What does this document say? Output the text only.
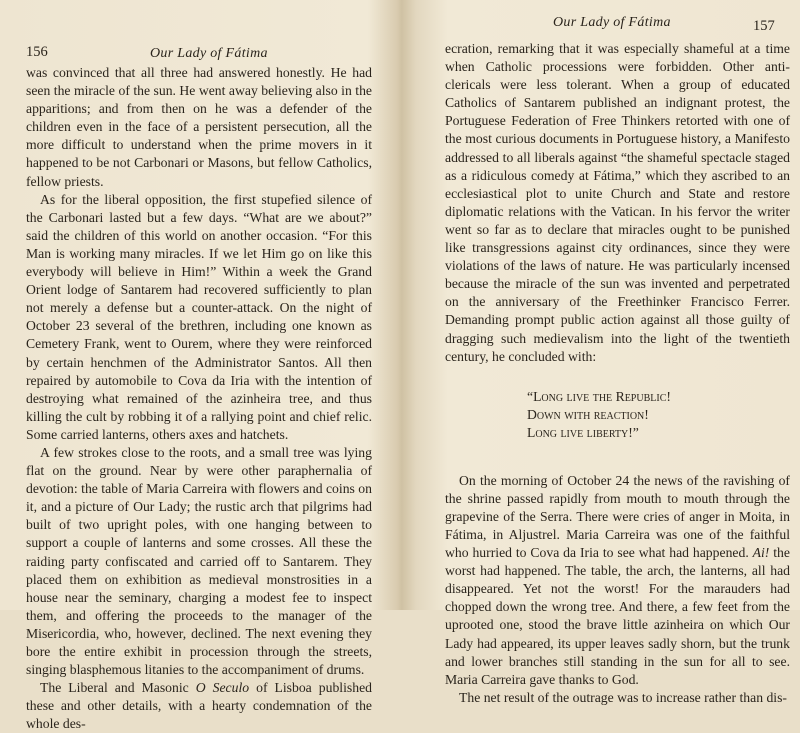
156	Our Lady of Fátima

was convinced that all three had answered honestly. He had seen the miracle of the sun. He went away believing also in the apparitions; and from then on he was a defender of the children even in the face of a persistent persecution, all the more difficult to understand when the prime movers in it happened to be not Carbonari or Masons, but fellow Catholics, fellow priests.

As for the liberal opposition, the first stupefied silence of the Carbonari lasted but a few days. “What are we about?” said the children of this world on another occasion. “For this Man is working many miracles. If we let Him go on like this everybody will believe in Him!” Within a week the Grand Orient lodge of Santarem had recovered sufficiently to plan not merely a defense but a counter-attack. On the night of October 23 several of the brethren, including one known as Cemetery Frank, went to Ourem, where they were reinforced by certain henchmen of the Administrator Santos. All then repaired by automobile to Cova da Iria with the intention of destroying what remained of the azinheira tree, and thus killing the cult by robbing it of a rallying point and chief relic. Some carried lanterns, others axes and hatchets.

A few strokes close to the roots, and a small tree was lying flat on the ground. Near by were other paraphernalia of devotion: the table of Maria Carreira with flowers and coins on it, and a picture of Our Lady; the rustic arch that pilgrims had built of two upright poles, with one hanging between to support a couple of lanterns and some crosses. All these the raiding party confiscated and carried off to Santarem. They placed them on exhibition as medieval monstrosities in a house near the seminary, charging a modest fee to inspect them, and offering the proceeds to the manager of the Misericordia, who, however, declined. The next evening they bore the entire exhibit in procession through the streets, singing blasphemous litanies to the accompaniment of drums.

The Liberal and Masonic O Seculo of Lisboa published these and other details, with a hearty condemnation of the whole des-

Our Lady of Fátima	157

ecration, remarking that it was especially shameful at a time when Catholic processions were forbidden. Other anti-clericals were less tolerant. When a group of educated Catholics of Santarem published an indignant protest, the Portuguese Federation of Free Thinkers retorted with one of the most curious documents in Portuguese history, a Manifesto addressed to all liberals against “the shameful spectacle staged as a ridiculous comedy at Fátima,” which they ascribed to an ecclesiastical plot to unite Church and State and restore diplomatic relations with the Vatican. In his fervor the writer went so far as to declare that miracles ought to be punished like transgressions against city ordinances, since they were violations of the laws of nature. He was particularly incensed because the miracle of the sun was invented and perpetrated on the anniversary of the Freethinker Francisco Ferrer. Demanding prompt public action against all those guilty of dragging such medievalism into the light of the twentieth century, he concluded with:

“Long live the Republic!
Down with reaction!
Long live liberty!”

On the morning of October 24 the news of the ravishing of the shrine passed rapidly from mouth to mouth through the grapevine of the Serra. There were cries of anger in Moita, in Fátima, in Aljustrel. Maria Carreira was one of the faithful who hurried to Cova da Iria to see what had happened. Ai! the worst had happened. The table, the arch, the lanterns, all had disappeared. Yet not the worst! For the marauders had chopped down the wrong tree. And there, a few feet from the uprooted one, stood the brave little azinheira on which Our Lady had appeared, its upper leaves sadly shorn, but the trunk and lower branches still standing in the sun for all to see. Maria Carreira gave thanks to God.

The net result of the outrage was to increase rather than dis-
